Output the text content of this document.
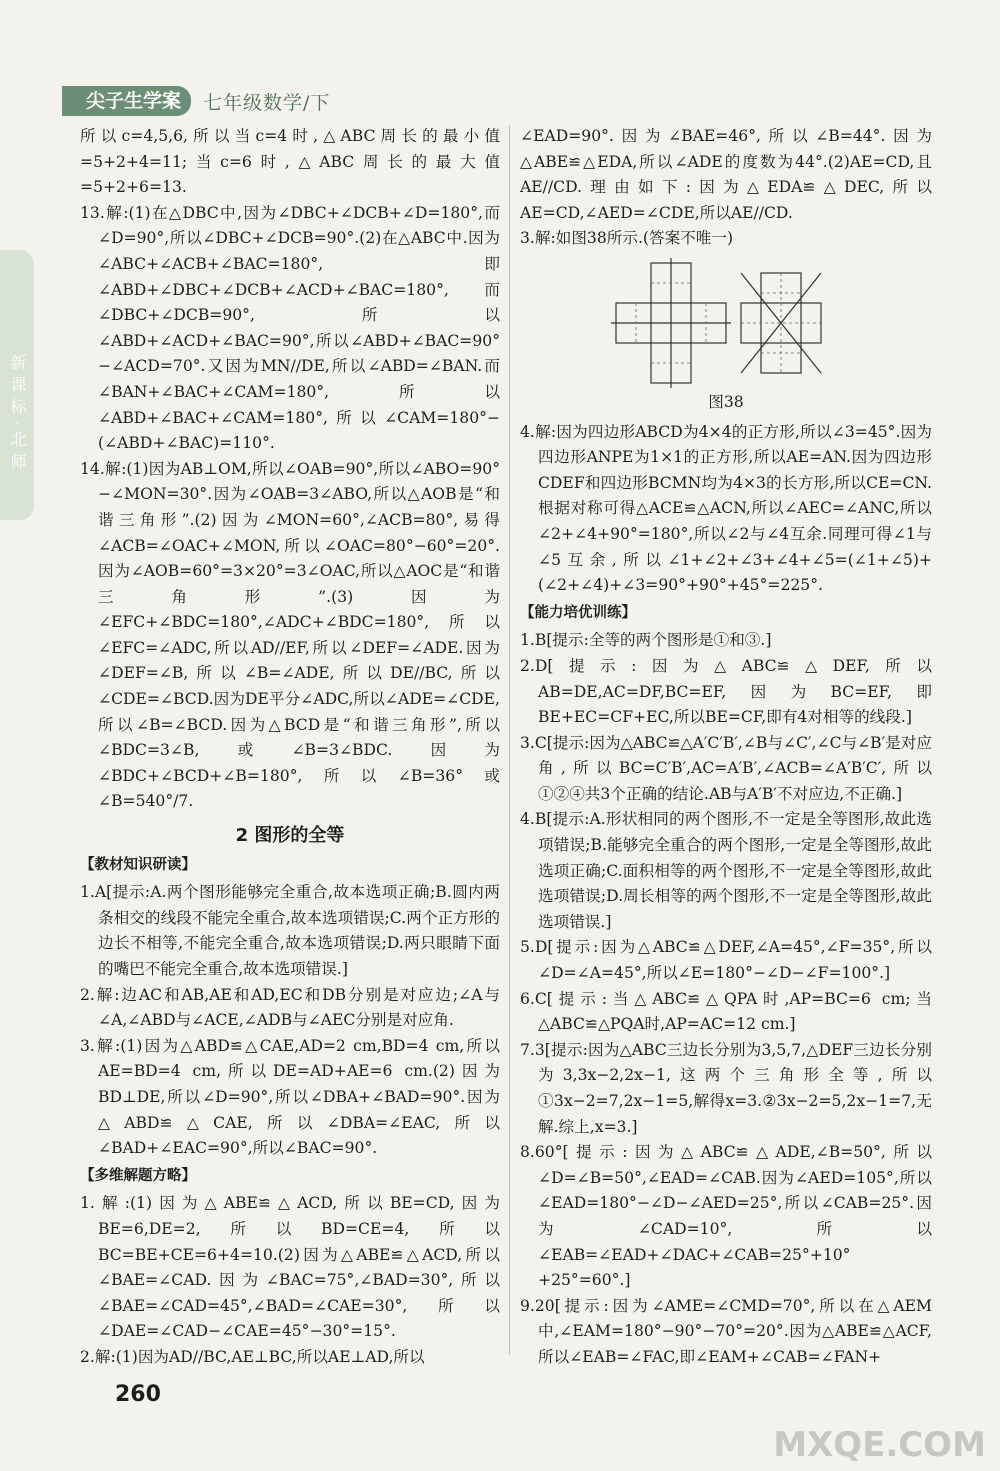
尖子生学案	七年级数学/下
新课标·北师

所以c=4,5,6,所以当c=4时,△ABC周长的最小值=5+2+4=11;当c=6时,△ABC周长的最大值=5+2+6=13.

13.解:(1)在△DBC中,因为∠DBC+∠DCB+∠D=180°,而∠D=90°,所以∠DBC+∠DCB=90°.(2)在△ABC中.因为∠ABC+∠ACB+∠BAC=180°,即∠ABD+∠DBC+∠DCB+∠ACD+∠BAC=180°,而∠DBC+∠DCB=90°,所以∠ABD+∠ACD+∠BAC=90°,所以∠ABD+∠BAC=90°−∠ACD=70°.又因为MN//DE,所以∠ABD=∠BAN.而∠BAN+∠BAC+∠CAM=180°,所以∠ABD+∠BAC+∠CAM=180°,所以∠CAM=180°−(∠ABD+∠BAC)=110°.

14.解:(1)因为AB⊥OM,所以∠OAB=90°,所以∠ABO=90°−∠MON=30°.因为∠OAB=3∠ABO,所以△AOB是“和谐三角形”.(2)因为∠MON=60°,∠ACB=80°,易得∠ACB=∠OAC+∠MON,所以∠OAC=80°−60°=20°.因为∠AOB=60°=3×20°=3∠OAC,所以△AOC是“和谐三角形”.(3)因为∠EFC+∠BDC=180°,∠ADC+∠BDC=180°,所以∠EFC=∠ADC,所以AD//EF,所以∠DEF=∠ADE.因为∠DEF=∠B,所以∠B=∠ADE,所以DE//BC,所以∠CDE=∠BCD.因为DE平分∠ADC,所以∠ADE=∠CDE,所以∠B=∠BCD.因为△BCD是“和谐三角形”,所以∠BDC=3∠B,或∠B=3∠BDC.因为∠BDC+∠BCD+∠B=180°,所以∠B=36°或∠B=540°/7.

2 图形的全等
【教材知识研读】

1.A[提示:A.两个图形能够完全重合,故本选项正确;B.圆内两条相交的线段不能完全重合,故本选项错误;C.两个正方形的边长不相等,不能完全重合,故本选项错误;D.两只眼睛下面的嘴巴不能完全重合,故本选项错误.]

2.解:边AC和AB,AE和AD,EC和DB分别是对应边;∠A与∠A,∠ABD与∠ACE,∠ADB与∠AEC分别是对应角.

3.解:(1)因为△ABD≌△CAE,AD=2 cm,BD=4 cm,所以AE=BD=4 cm,所以DE=AD+AE=6 cm.(2)因为BD⊥DE,所以∠D=90°,所以∠DBA+∠BAD=90°.因为△ABD≌△CAE,所以∠DBA=∠EAC,所以∠BAD+∠EAC=90°,所以∠BAC=90°.

【多维解题方略】

1.解:(1)因为△ABE≌△ACD,所以BE=CD,因为BE=6,DE=2,所以BD=CE=4,所以BC=BE+CE=6+4=10.(2)因为△ABE≌△ACD,所以∠BAE=∠CAD.因为∠BAC=75°,∠BAD=30°,所以∠BAE=∠CAD=45°,∠BAD=∠CAE=30°,所以∠DAE=∠CAD−∠CAE=45°−30°=15°.

2.解:(1)因为AD//BC,AE⊥BC,所以AE⊥AD,所以

∠EAD=90°.因为∠BAE=46°,所以∠B=44°.因为△ABE≌△EDA,所以∠ADE的度数为44°.(2)AE=CD,且AE//CD.理由如下:因为△EDA≌△DEC,所以AE=CD,∠AED=∠CDE,所以AE//CD.

3.解:如图38所示.(答案不唯一)

图38

4.解:因为四边形ABCD为4×4的正方形,所以∠3=45°.因为四边形ANPE为1×1的正方形,所以AE=AN.因为四边形CDEF和四边形BCMN均为4×3的长方形,所以CE=CN.根据对称可得△ACE≌△ACN,所以∠AEC=∠ANC,所以∠2+∠4+90°=180°,所以∠2与∠4互余.同理可得∠1与∠5互余,所以∠1+∠2+∠3+∠4+∠5=(∠1+∠5)+(∠2+∠4)+∠3=90°+90°+45°=225°.

【能力培优训练】

1.B[提示:全等的两个图形是①和③.]

2.D[提示:因为△ABC≌△DEF,所以AB=DE,AC=DF,BC=EF,因为BC=EF,即BE+EC=CF+EC,所以BE=CF,即有4对相等的线段.]

3.C[提示:因为△ABC≌△A′C′B′,∠B与∠C′,∠C与∠B′是对应角,所以BC=C′B′,AC=A′B′,∠ACB=∠A′B′C′,所以①②④共3个正确的结论.AB与A′B′不对应边,不正确.]

4.B[提示:A.形状相同的两个图形,不一定是全等图形,故此选项错误;B.能够完全重合的两个图形,一定是全等图形,故此选项正确;C.面积相等的两个图形,不一定是全等图形,故此选项错误;D.周长相等的两个图形,不一定是全等图形,故此选项错误.]

5.D[提示:因为△ABC≌△DEF,∠A=45°,∠F=35°,所以∠D=∠A=45°,所以∠E=180°−∠D−∠F=100°.]

6.C[提示:当△ABC≌△QPA时,AP=BC=6 cm;当△ABC≌△PQA时,AP=AC=12 cm.]

7.3[提示:因为△ABC三边长分别为3,5,7,△DEF三边长分别为3,3x−2,2x−1,这两个三角形全等,所以①3x−2=7,2x−1=5,解得x=3.②3x−2=5,2x−1=7,无解.综上,x=3.]

8.60°[提示:因为△ABC≌△ADE,∠B=50°,所以∠D=∠B=50°,∠EAD=∠CAB.因为∠AED=105°,所以∠EAD=180°−∠D−∠AED=25°,所以∠CAB=25°.因为∠CAD=10°,所以∠EAB=∠EAD+∠DAC+∠CAB=25°+10°+25°=60°.]

9.20[提示:因为∠AME=∠CMD=70°,所以在△AEM中,∠EAM=180°−90°−70°=20°.因为△ABE≌△ACF,所以∠EAB=∠FAC,即∠EAM+∠CAB=∠FAN+

260
MXQE.COM
